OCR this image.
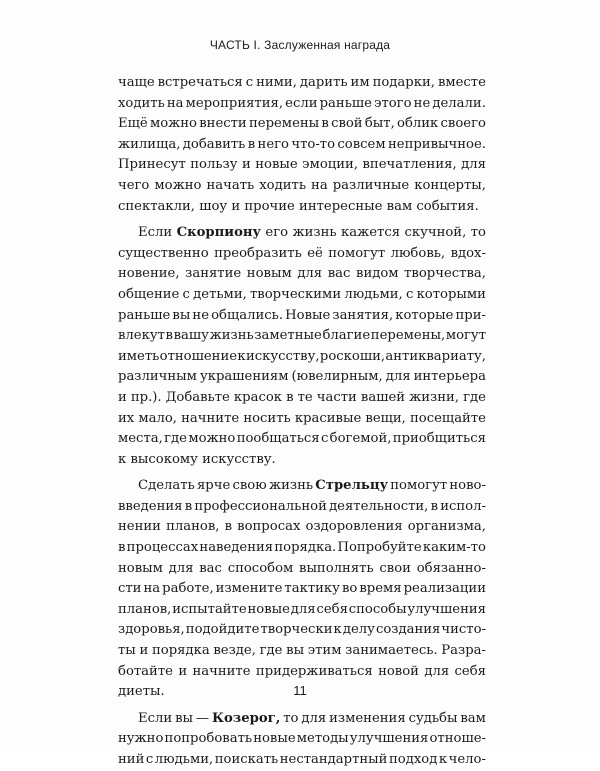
ЧАСТЬ I. Заслуженная награда
чаще встречаться с ними, дарить им подарки, вместе
ходить на мероприятия, если раньше этого не делали.
Ещё можно внести перемены в свой быт, облик своего
жилища, добавить в него что-то совсем непривычное.
Принесут пользу и новые эмоции, впечатления, для
чего можно начать ходить на различные концерты,
спектакли,
шоу
и
прочие
интересные
вам
события.
Если Скорпиону его жизнь кажется скучной, то
существенно преобразить её помогут любовь, вдох-
новение, занятие новым для вас видом творчества,
общение с детьми, творческими людьми, с которыми
раньше вы не общались. Новые занятия, которые при-
влекут в вашу жизнь заметные благие перемены, могут
иметь отношение к искусству, роскоши, антиквариату,
различным украшениям (ювелирным, для интерьера
и пр.). Добавьте красок в те части вашей жизни, где
их мало, начните носить красивые вещи, посещайте
места, где можно пообщаться с богемой, приобщиться
к
высокому
искусству.
Сделать ярче свою жизнь Стрельцу помогут ново-
введения в профессиональной деятельности, в испол-
нении планов, в вопросах оздоровления организма,
в процессах наведения порядка. Попробуйте каким-то
новым для вас способом выполнять свои обязанно-
сти на работе, измените тактику во время реализации
планов, испытайте новые для себя способы улучшения
здоровья, подойдите творчески к делу создания чисто-
ты и порядка везде, где вы этим занимаетесь. Разра-
ботайте и начните придерживаться новой для себя
диеты.
Если вы — Козерог, то для изменения судьбы вам
нужно попробовать новые методы улучшения отноше-
ний с людьми, поискать нестандартный подход к чело-
11
